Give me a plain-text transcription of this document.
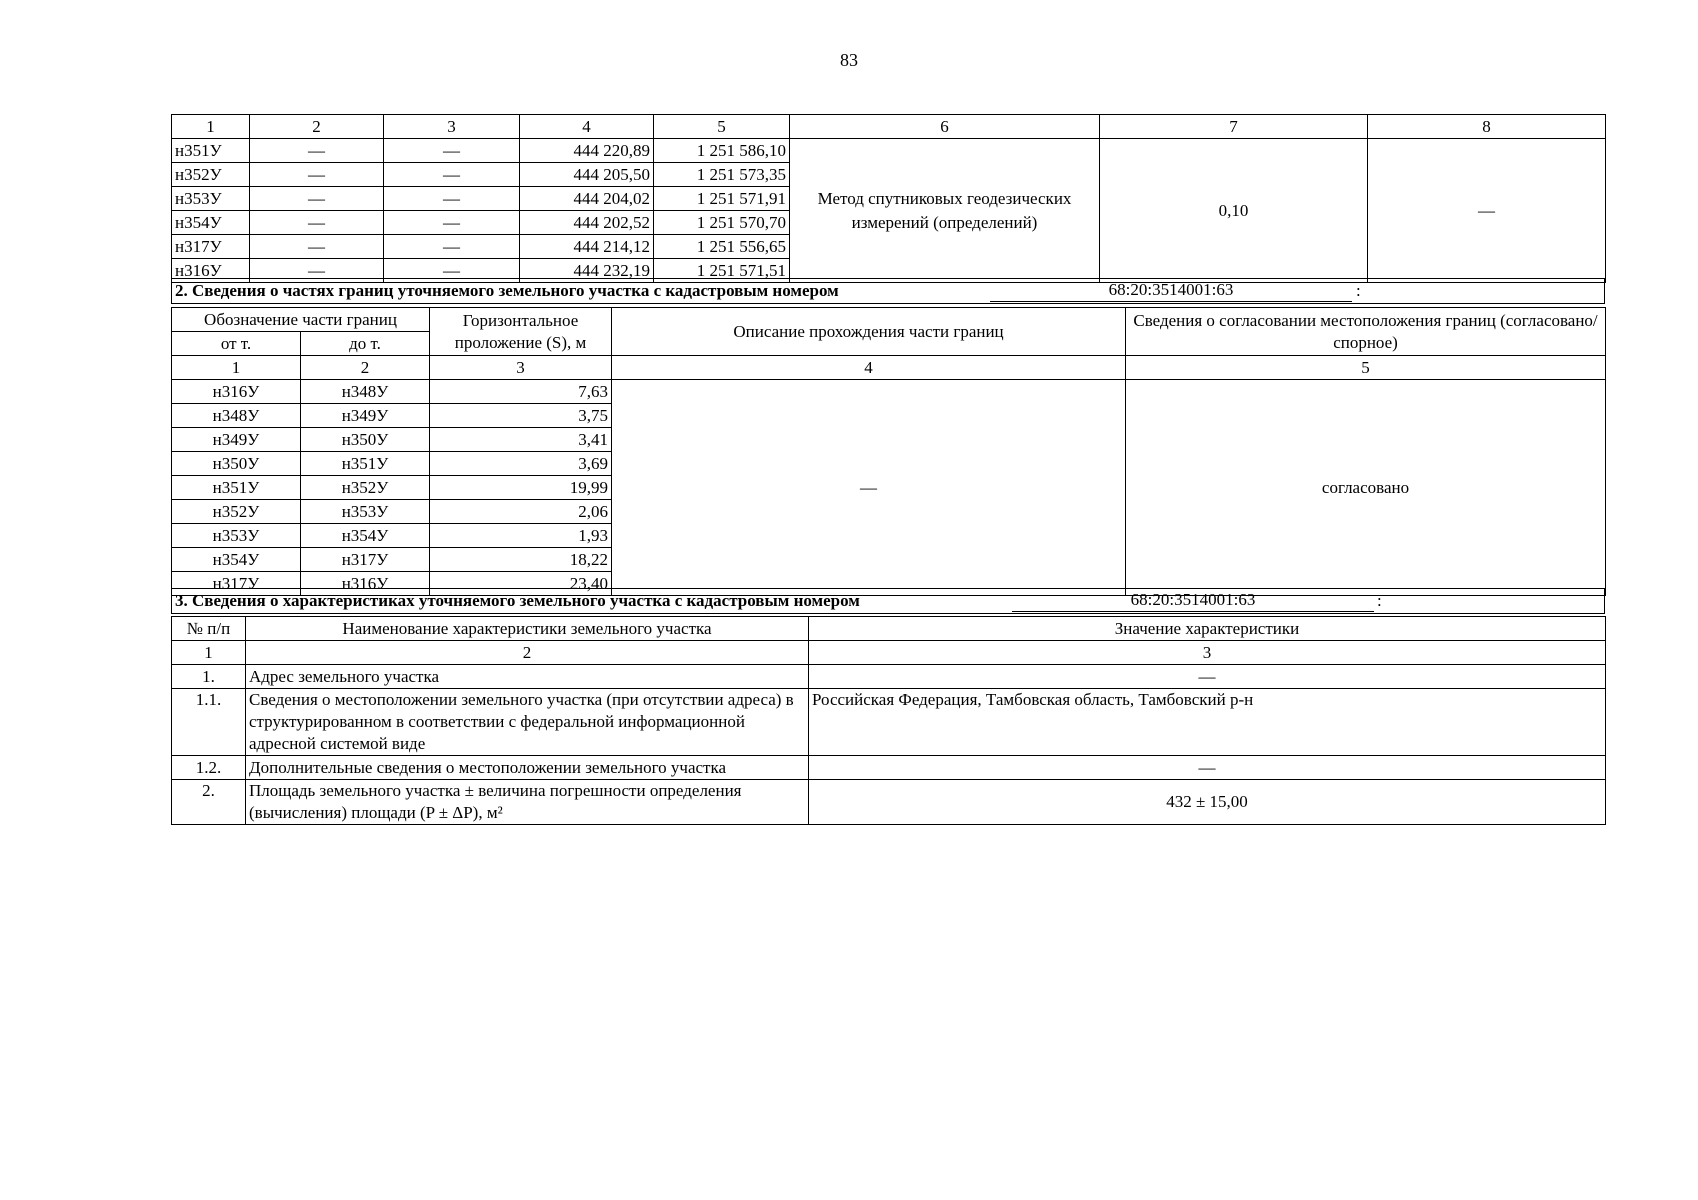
83
1	2	3	4	5	6	7	8
н351У	—	—	444 220,89	1 251 586,10	Метод спутниковых геодезических измерений (определений)	0,10	—
н352У	—	—	444 205,50	1 251 573,35			
н353У	—	—	444 204,02	1 251 571,91			
н354У	—	—	444 202,52	1 251 570,70			
н317У	—	—	444 214,12	1 251 556,65			
н316У	—	—	444 232,19	1 251 571,51			
2. Сведения о частях границ уточняемого земельного участка с кадастровым номером	68:20:3514001:63	:
Обозначение части границ		Горизонтальное проложение (S), м	Описание прохождения части границ	Сведения о согласовании местоположения границ (согласовано/спорное)
от т.	до т.			
1	2	3	4	5
н316У	н348У	7,63	—	согласовано
н348У	н349У	3,75		
н349У	н350У	3,41		
н350У	н351У	3,69		
н351У	н352У	19,99		
н352У	н353У	2,06		
н353У	н354У	1,93		
н354У	н317У	18,22		
н317У	н316У	23,40		
3. Сведения о характеристиках уточняемого земельного участка с кадастровым номером	68:20:3514001:63	:
№ п/п	Наименование характеристики земельного участка	Значение характеристики
1	2	3
1.	Адрес земельного участка	—
1.1.	Сведения о местоположении земельного участка (при отсутствии адреса) в структурированном в соответствии с федеральной информационной адресной системой виде	Российская Федерация, Тамбовская область, Тамбовский р-н
1.2.	Дополнительные сведения о местоположении земельного участка	—
2.	Площадь земельного участка ± величина погрешности определения (вычисления) площади (P ± ΔP), м²	432 ± 15,00
